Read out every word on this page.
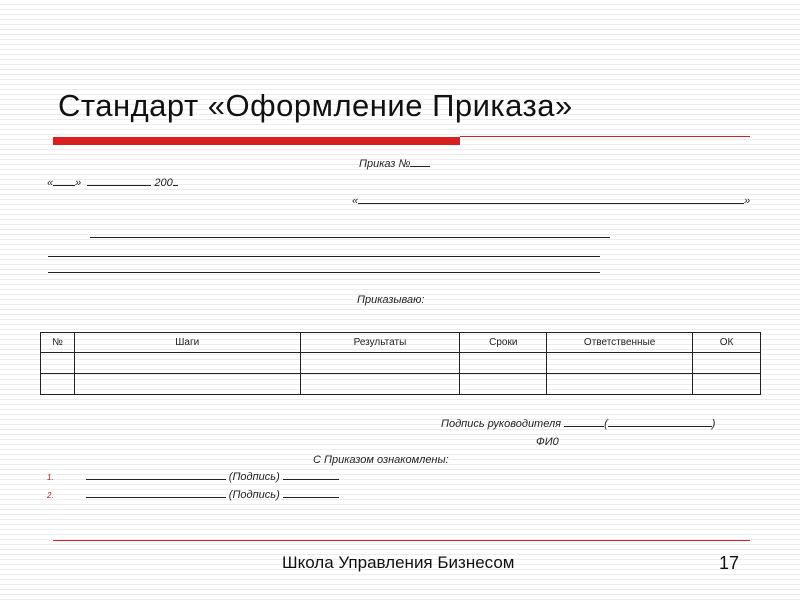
Стандарт «Оформление Приказа»
Приказ №
« »	200
«	»
Приказываю:
№	Шаги	Результаты	Сроки	Ответственные	ОК

Подпись руководителя	(	)
ФИ0
С Приказом ознакомлены:
1.	(Подпись)
2.	(Подпись)
Школа Управления Бизнесом	17
